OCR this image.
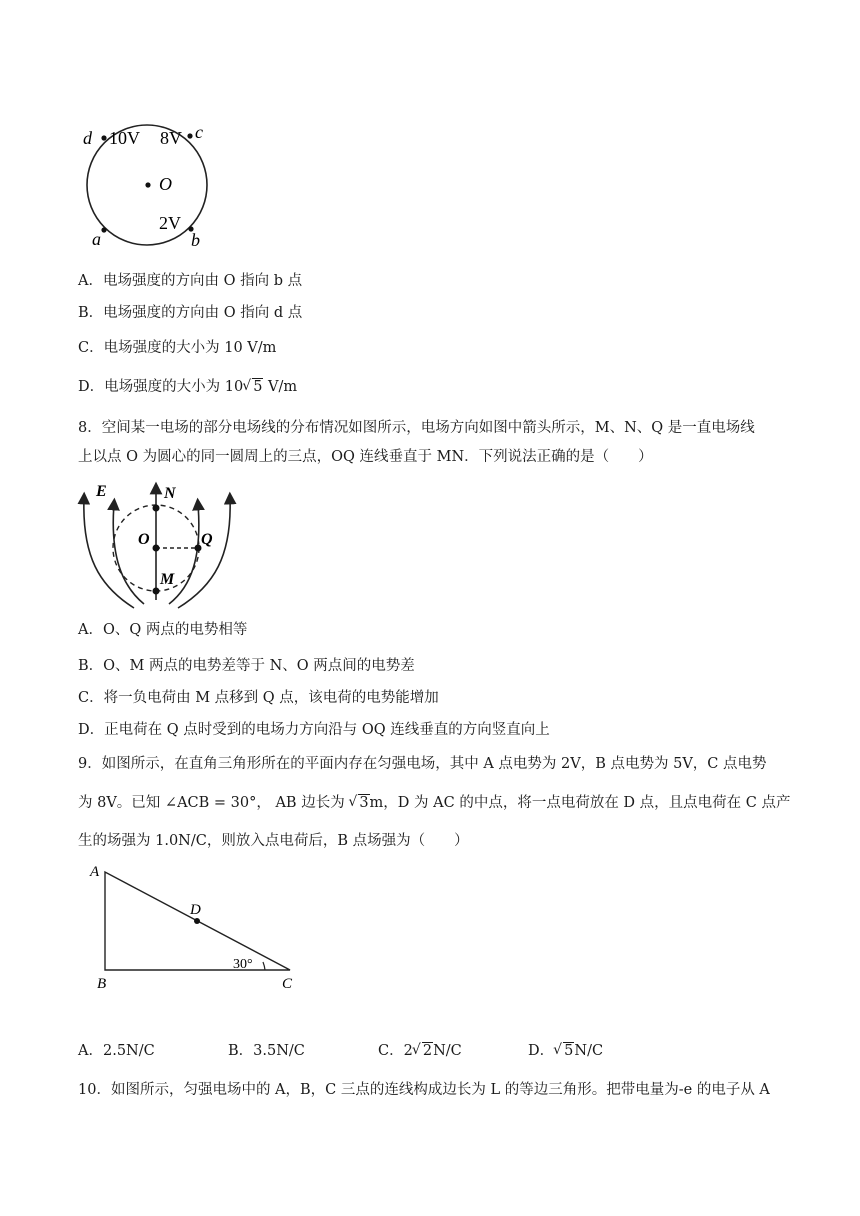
d 10V 8V c
O
2V
a	b
A．电场强度的方向由 O 指向 b 点
B．电场强度的方向由 O 指向 d 点
C．电场强度的大小为 10 V/m
D．电场强度的大小为 10 √ 5 V/m
8．空间某一电场的部分电场线的分布情况如图所示，电场方向如图中箭头所示，M、N、Q 是一直电场线
上以点 O 为圆心的同一圆周上的三点，OQ 连线垂直于 MN．下列说法正确的是（　　）
E	N
O	Q
M
A．O、Q 两点的电势相等
B．O、M 两点的电势差等于 N、O 两点间的电势差
C．将一负电荷由 M 点移到 Q 点，该电荷的电势能增加
D．正电荷在 Q 点时受到的电场力方向沿与 OQ 连线垂直的方向竖直向上
9．如图所示，在直角三角形所在的平面内存在匀强电场，其中 A 点电势为 2V，B 点电势为 5V，C 点电势
为 8V。已知 ∠ACB = 30°， AB 边长为 √ 3m，D 为 AC 的中点，将一点电荷放在 D 点，且点电荷在 C 点产
生的场强为 1.0N/C，则放入点电荷后，B 点场强为（　　）
A
B	C
D
30°
A．2.5N/C	B．3.5N/C	C．2 √ 2N/C	D． √ 5N/C
10．如图所示，匀强电场中的 A，B，C 三点的连线构成边长为 L 的等边三角形。把带电量为-e 的电子从 A
